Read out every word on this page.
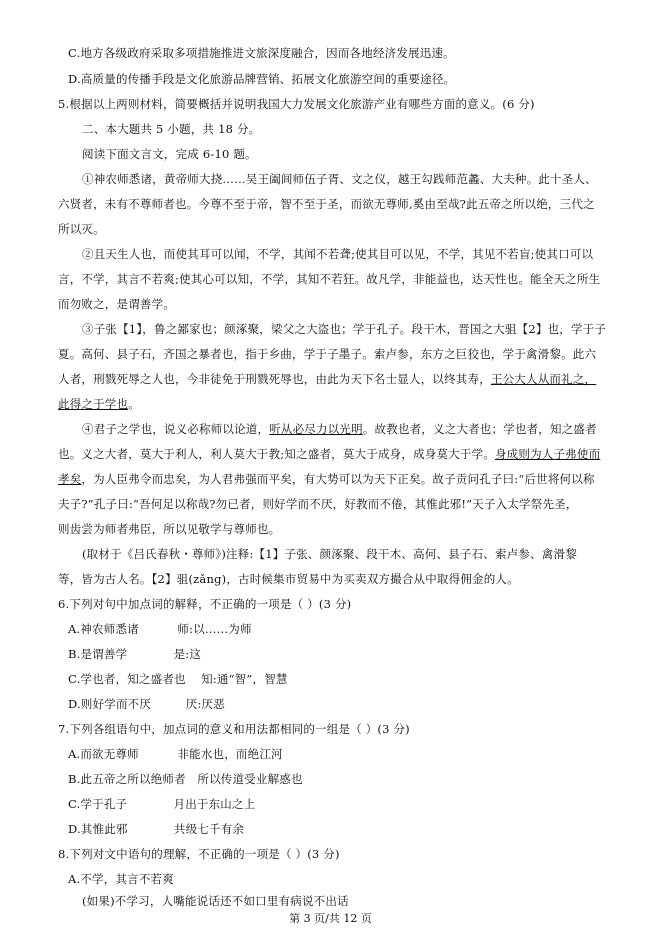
C.地方各级政府采取多项措施推进文旅深度融合，因而各地经济发展迅速。
D.高质量的传播手段是文化旅游品牌营销、拓展文化旅游空间的重要途径。
5.根据以上两则材料，简要概括并说明我国大力发展文化旅游产业有哪些方面的意义。(6 分)
二、本大题共 5 小题，共 18 分。
阅读下面文言文，完成 6-10 题。
①神农师悉诸，黄帝师大挠……吴王阖闾师伍子胥、文之仪，越王勾践师范蠡、大夫种。此十圣人、
六贤者，未有不尊师者也。今尊不至于帝，智不至于圣，而欲无尊师,奚由至哉?此五帝之所以绝，三代之
所以灭。
②且天生人也，而使其耳可以闻，不学，其闻不若聋;使其目可以见，不学，其见不若盲;使其口可以
言，不学，其言不若爽;使其心可以知，不学，其知不若狂。故凡学，非能益也，达天性也。能全天之所生
而勿败之，是谓善学。
③子张【1】，鲁之鄙家也；颜涿聚，梁父之大盗也；学于孔子。段干木，晋国之大驵【2】也，学于子
夏。高何、县子石，齐国之暴者也，指于乡曲，学于子墨子。索卢参，东方之巨狡也，学于禽滑黎。此六
人者，刑戮死辱之人也，今非徒免于刑戮死辱也，由此为天下名士显人，以终其寿，王公大人从而礼之，
此得之于学也。
④君子之学也，说义必称师以论道，听从必尽力以光明。故教也者，义之大者也；学也者，知之盛者
也。义之大者，莫大于利人，利人莫大于教;知之盛者，莫大于成身，成身莫大于学。身成则为人子弗使而
孝矣，为人臣弗令而忠矣，为人君弗强而平矣，有大势可以为天下正矣。故子贡问孔子曰:“后世将何以称
夫子?”孔子曰:“吾何足以称哉?勿已者，则好学而不厌，好教而不倦，其惟此邪!”天子入太学祭先圣，
则齿尝为师者弗臣，所以见敬学与尊师也。
(取材于《吕氏春秋・尊师》)注释:【1】子张、颜涿聚、段干木、高何、县子石、索卢参、禽滑黎
等，皆为古人名。【2】驵(zǎng)，古时候集市贸易中为买卖双方撮合从中取得佣金的人。
6.下列对句中加点词的解释，不正确的一项是（ ）(3 分)
A.神农师悉诸          师:以……为师
B.是谓善学            是:这
C.学也者，知之盛者也    知:通“智”，智慧
D.则好学而不厌         厌:厌恶
7.下列各组语句中，加点词的意义和用法都相同的一组是（ ）(3 分)
A.而欲无尊师          非能水也，而绝江河
B.此五帝之所以绝师者   所以传道受业解惑也
C.学于孔子            月出于东山之上
D.其惟此邪            共级七千有余
8.下列对文中语句的理解，不正确的一项是（ ）(3 分)
A.不学，其言不若爽
(如果)不学习，人嘴能说话还不如口里有病说不出话
第 3 页/共 12 页
